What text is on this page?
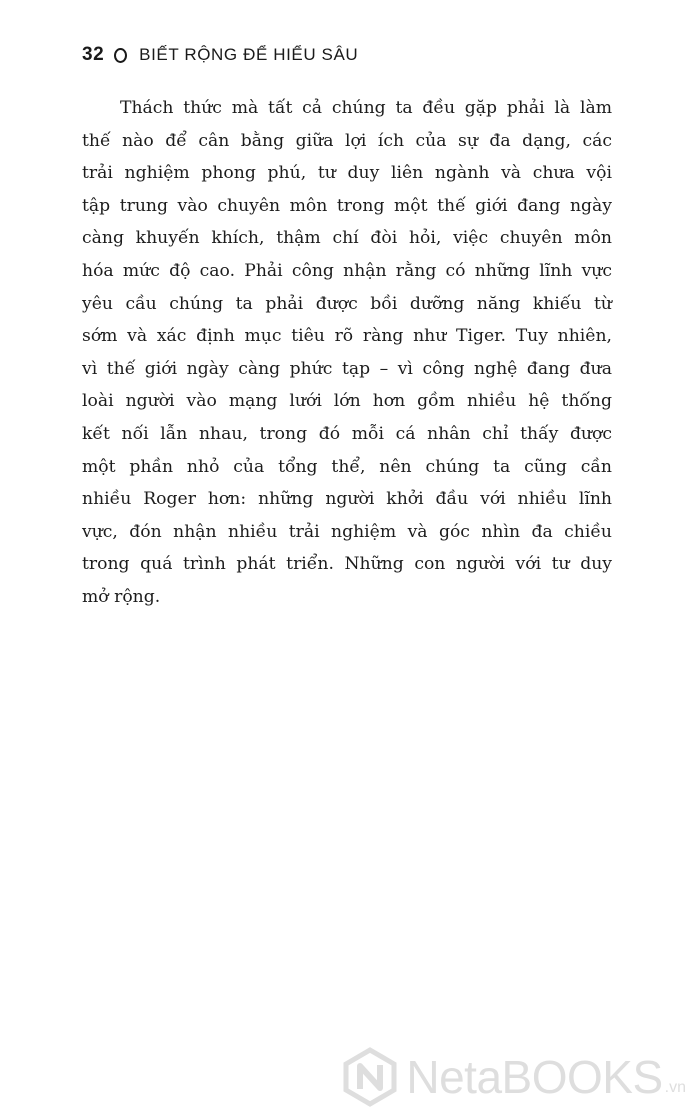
32 BIẾT RỘNG ĐỂ HIỂU SÂU

Thách thức mà tất cả chúng ta đều gặp phải là làm
thế nào để cân bằng giữa lợi ích của sự đa dạng, các
trải nghiệm phong phú, tư duy liên ngành và chưa vội
tập trung vào chuyên môn trong một thế giới đang ngày
càng khuyến khích, thậm chí đòi hỏi, việc chuyên môn
hóa mức độ cao. Phải công nhận rằng có những lĩnh vực
yêu cầu chúng ta phải được bồi dưỡng năng khiếu từ
sớm và xác định mục tiêu rõ ràng như Tiger. Tuy nhiên,
vì thế giới ngày càng phức tạp – vì công nghệ đang đưa
loài người vào mạng lưới lớn hơn gồm nhiều hệ thống
kết nối lẫn nhau, trong đó mỗi cá nhân chỉ thấy được
một phần nhỏ của tổng thể, nên chúng ta cũng cần
nhiều Roger hơn: những người khởi đầu với nhiều lĩnh
vực, đón nhận nhiều trải nghiệm và góc nhìn đa chiều
trong quá trình phát triển. Những con người với tư duy
mở rộng.

NetaBOOKS .vn
